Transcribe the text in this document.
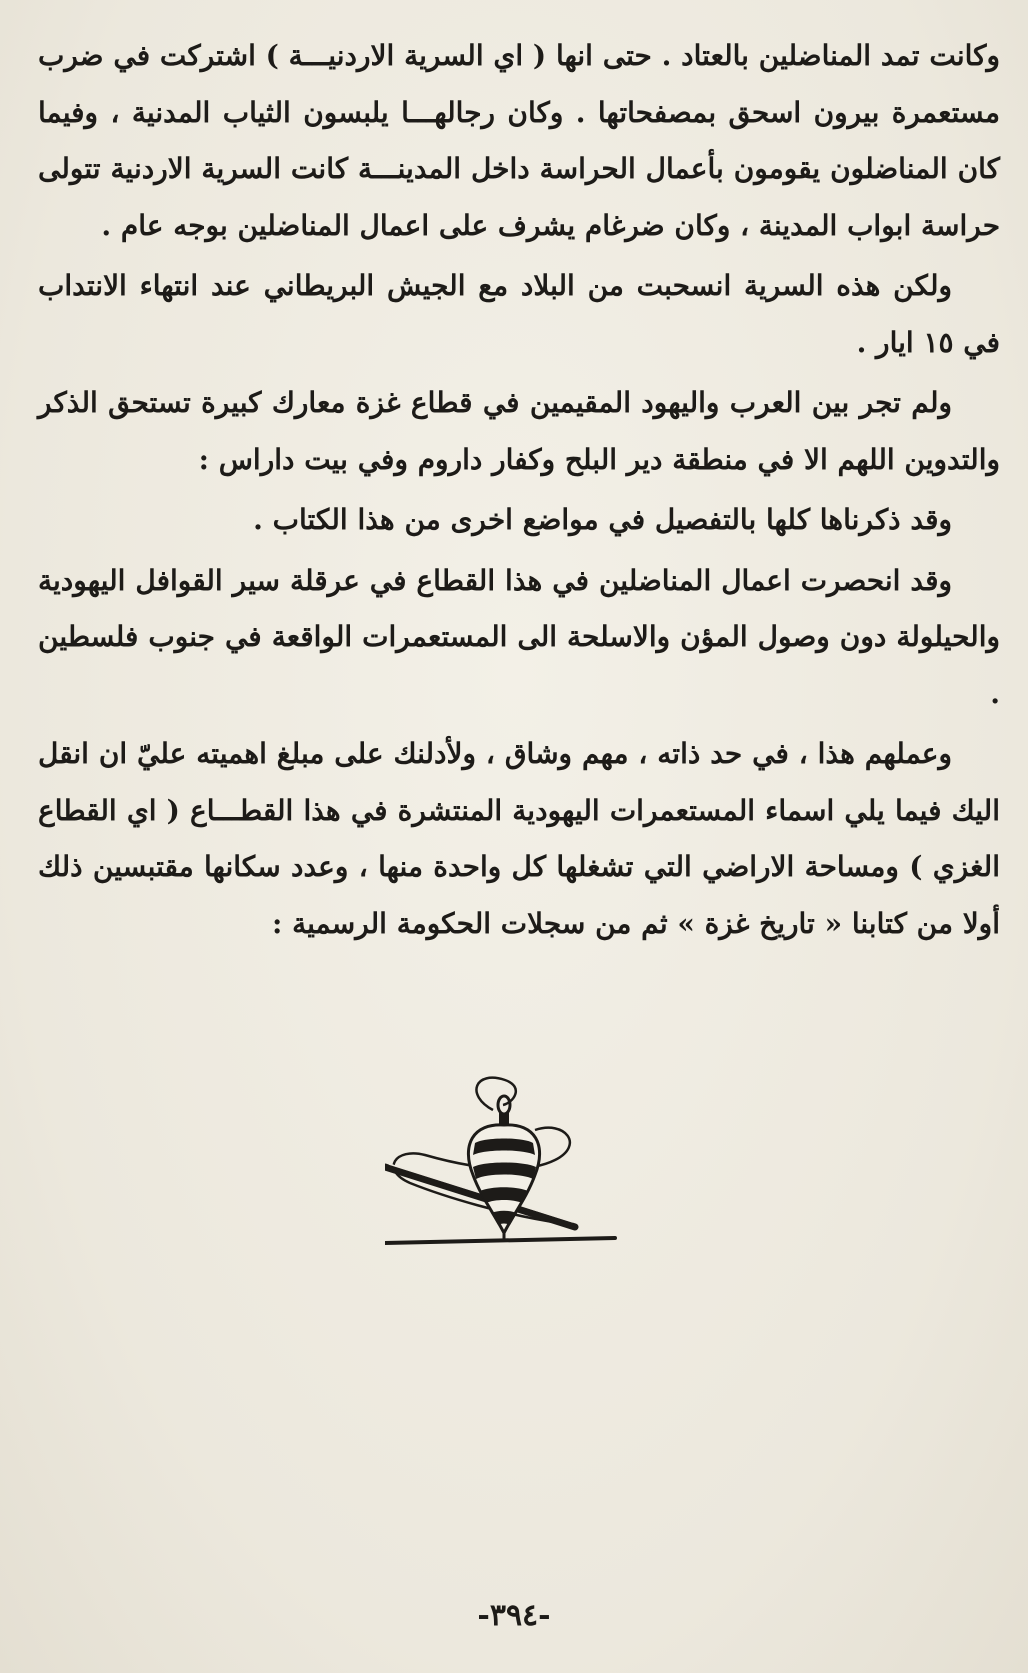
وكانت تمد المناضلين بالعتاد . حتى انها ( اي السرية الاردنيـــة ) اشتركت في ضرب مستعمرة بيرون اسحق بمصفحاتها . وكان رجالهـــا يلبسون الثياب المدنية ، وفيما كان المناضلون يقومون بأعمال الحراسة داخل المدينـــة كانت السرية الاردنية تتولى حراسة ابواب المدينة ، وكان ضرغام يشرف على اعمال المناضلين بوجه عام .

ولكن هذه السرية انسحبت من البلاد مع الجيش البريطاني عند انتهاء الانتداب في ١٥ ايار .

ولم تجر بين العرب واليهود المقيمين في قطاع غزة معارك كبيرة تستحق الذكر والتدوين اللهم الا في منطقة دير البلح وكفار داروم وفي بيت داراس :

وقد ذكرناها كلها بالتفصيل في مواضع اخرى من هذا الكتاب .

وقد انحصرت اعمال المناضلين في هذا القطاع في عرقلة سير القوافل اليهودية والحيلولة دون وصول المؤن والاسلحة الى المستعمرات الواقعة في جنوب فلسطين .

وعملهم هذا ، في حد ذاته ، مهم وشاق ، ولأدلنك على مبلغ اهميته عليّ ان انقل اليك فيما يلي اسماء المستعمرات اليهودية المنتشرة في هذا القطـــاع ( اي القطاع الغزي ) ومساحة الاراضي التي تشغلها كل واحدة منها ، وعدد سكانها مقتبسين ذلك أولا من كتابنا « تاريخ غزة » ثم من سجلات الحكومة الرسمية :

-٣٩٤-
